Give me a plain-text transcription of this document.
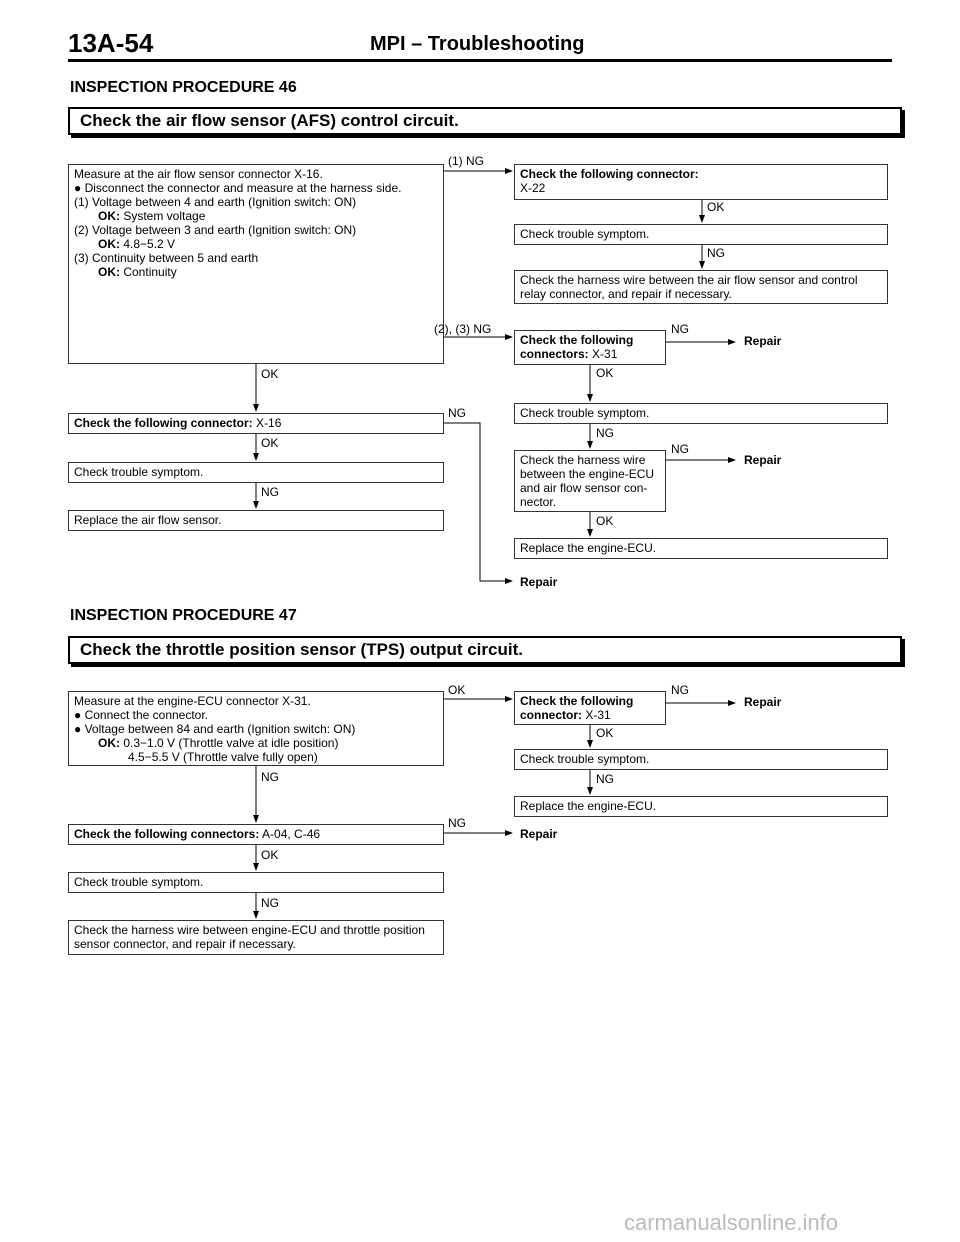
13A-54	MPI – Troubleshooting
INSPECTION PROCEDURE 46
Check the air flow sensor (AFS) control circuit.
Measure at the air flow sensor connector X-16.
● Disconnect the connector and measure at the harness side.
(1) Voltage between 4 and earth (Ignition switch: ON)
OK: System voltage
(2) Voltage between 3 and earth (Ignition switch: ON)
OK: 4.8−5.2 V
(3) Continuity between 5 and earth
OK: Continuity
(1) NG
Check the following connector:
X-22
OK
Check trouble symptom.
NG
Check the harness wire between the air flow sensor and control relay connector, and repair if necessary.
(2), (3) NG
Check the following
connectors: X-31
NG
Repair
OK
OK
Check the following connector: X-16
NG	Check trouble symptom.
OK
Check trouble symptom.
NG
Replace the air flow sensor.
NG
Check the harness wire
between the engine-ECU
and air flow sensor con-
nector.
NG
Repair
OK
Replace the engine-ECU.
Repair
INSPECTION PROCEDURE 47
Check the throttle position sensor (TPS) output circuit.
Measure at the engine-ECU connector X-31.
● Connect the connector.
● Voltage between 84 and earth (Ignition switch: ON)
OK: 0.3−1.0 V (Throttle valve at idle position)
4.5−5.5 V (Throttle valve fully open)
OK
Check the following
connector: X-31
NG
Repair
OK
Check trouble symptom.
NG
Replace the engine-ECU.
NG
Check the following connectors: A-04, C-46
NG
Repair
OK
Check trouble symptom.
NG
Check the harness wire between engine-ECU and throttle position sensor connector, and repair if necessary.
carmanualsonline.info
